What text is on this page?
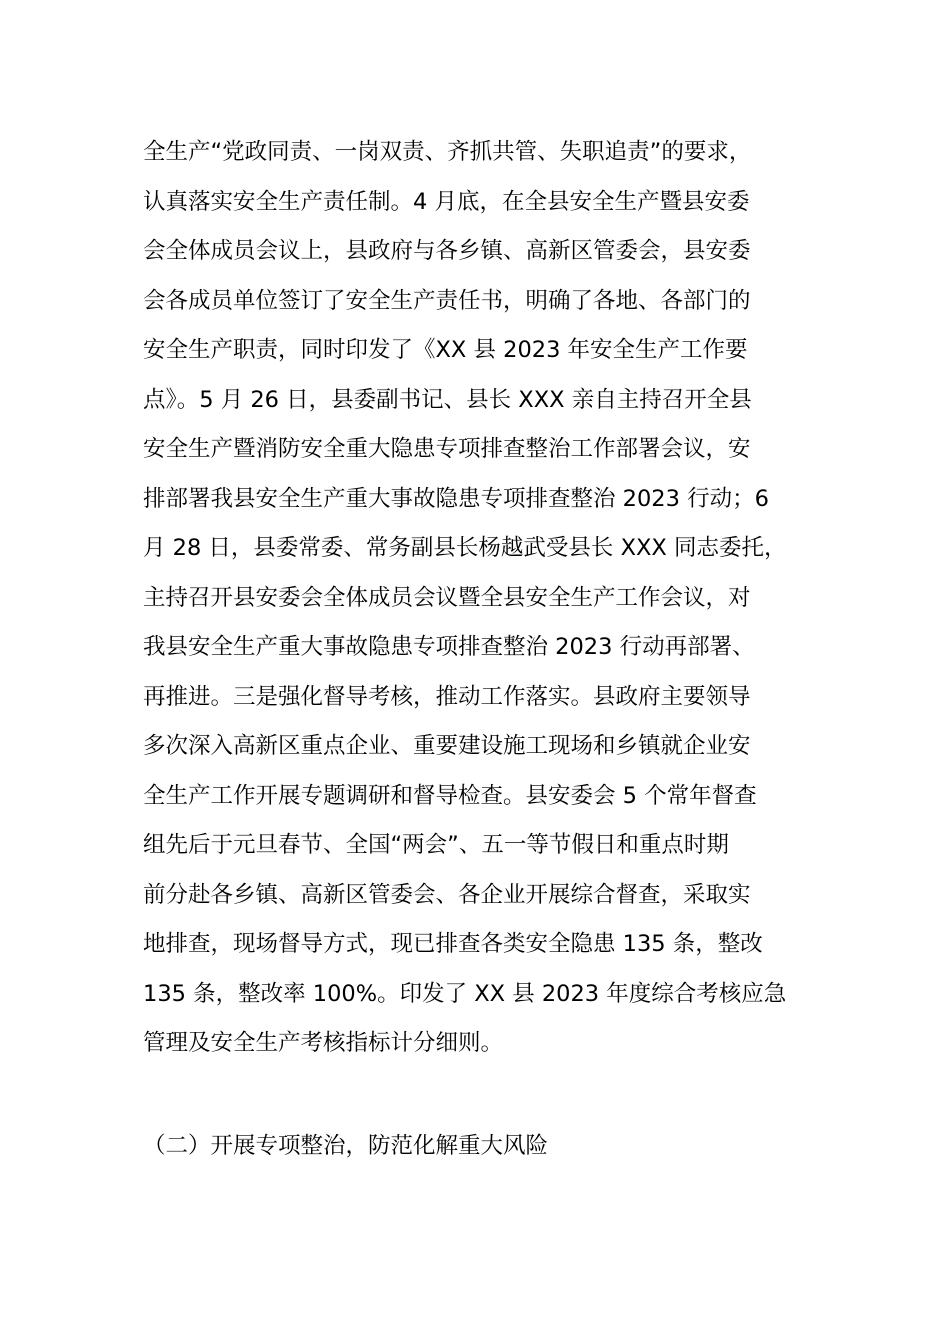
全生产“党政同责、一岗双责、齐抓共管、失职追责”的要求，
认真落实安全生产责任制。4 月底，在全县安全生产暨县安委
会全体成员会议上，县政府与各乡镇、高新区管委会，县安委
会各成员单位签订了安全生产责任书，明确了各地、各部门的
安全生产职责，同时印发了《XX 县 2023 年安全生产工作要
点》。5 月 26 日，县委副书记、县长 XXX 亲自主持召开全县
安全生产暨消防安全重大隐患专项排查整治工作部署会议，安
排部署我县安全生产重大事故隐患专项排查整治 2023 行动；6
月 28 日，县委常委、常务副县长杨越武受县长 XXX 同志委托，
主持召开县安委会全体成员会议暨全县安全生产工作会议，对
我县安全生产重大事故隐患专项排查整治 2023 行动再部署、
再推进。三是强化督导考核，推动工作落实。县政府主要领导
多次深入高新区重点企业、重要建设施工现场和乡镇就企业安
全生产工作开展专题调研和督导检查。县安委会 5 个常年督查
组先后于元旦春节、全国“两会”、五一等节假日和重点时期
前分赴各乡镇、高新区管委会、各企业开展综合督查，采取实
地排查，现场督导方式，现已排查各类安全隐患 135 条，整改
135 条，整改率 100%。印发了 XX 县 2023 年度综合考核应急
管理及安全生产考核指标计分细则。
（二）开展专项整治，防范化解重大风险
